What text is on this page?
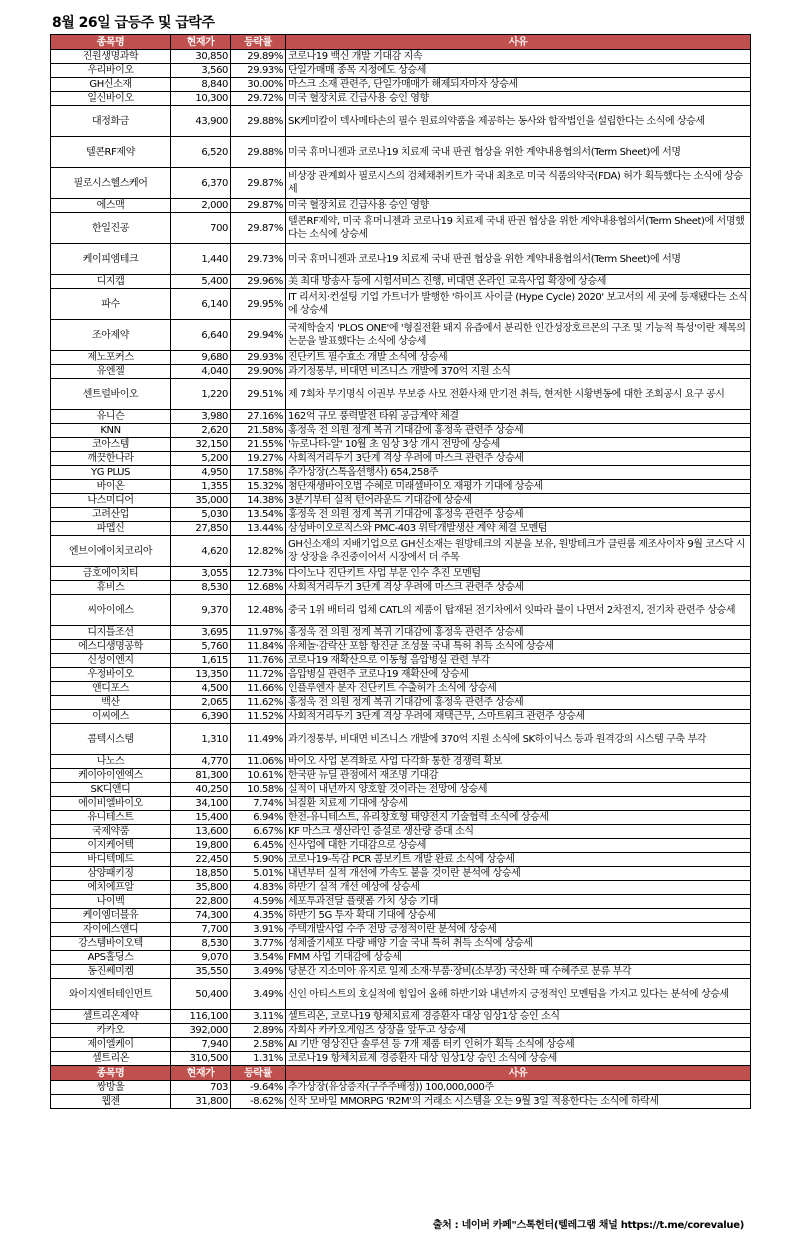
8월 26일 급등주 및 급락주
종목명	현재가	등락률	사유
진원생명과학	30,850	29.89%	코로나19 백신 개발 기대감 지속
우리바이오	3,560	29.93%	단일가매매 종목 지정에도 상승세
GH신소재	8,840	30.00%	마스크 소재 관련주, 단일가매매가 해제되자마자 상승세
일신바이오	10,300	29.72%	미국 혈장치료 긴급사용 승인 영향
대정화금	43,900	29.88%	SK케미칼이 덱사메타손의 필수 원료의약품을 제공하는 동사와 합작법인을 설립한다는 소식에 상승세
텔콘RF제약	6,520	29.88%	미국 휴머니젠과 코로나19 치료제 국내 판권 협상을 위한 계약내용협의서(Term Sheet)에 서명
필로시스헬스케어	6,370	29.87%	비상장 관계회사 필로시스의 검체채취키트가 국내 최초로 미국 식품의약국(FDA) 허가 획득했다는 소식에 상승세
에스맥	2,000	29.87%	미국 혈장치료 긴급사용 승인 영향
한일진공	700	29.87%	텔콘RF제약, 미국 휴머니젠과 코로나19 치료제 국내 판권 협상을 위한 계약내용협의서(Term Sheet)에 서명했다는 소식에 상승세
케이피엠테크	1,440	29.73%	미국 휴머니젠과 코로나19 치료제 국내 판권 협상을 위한 계약내용협의서(Term Sheet)에 서명
디지캡	5,400	29.96%	美 최대 방송사 등에 시험서비스 진행, 비대면 온라인 교육사업 확장에 상승세
파수	6,140	29.95%	IT 리서치·컨설팅 기업 가트너가 발행한 '하이프 사이클 (Hype Cycle) 2020' 보고서의 세 곳에 등재됐다는 소식에 상승세
조아제약	6,640	29.94%	국제학술지 'PLOS ONE'에 '형질전환 돼지 유즙에서 분리한 인간성장호르몬의 구조 및 기능적 특성'이란 제목의 논문을 발표했다는 소식에 상승세
제노포커스	9,680	29.93%	진단키트 필수효소 개발 소식에 상승세
유엔젤	4,040	29.90%	과기정통부, 비대면 비즈니스 개발에 370억 지원 소식
센트럴바이오	1,220	29.51%	제 7회차 무기명식 이권부 무보증 사모 전환사채 만기전 취득, 현저한 시황변동에 대한 조회공시 요구 공시
유니슨	3,980	27.16%	162억 규모 풍력발전 타워 공급계약 체결
KNN	2,620	21.58%	홍정욱 전 의원 정계 복귀 기대감에 홍정욱 관련주 상승세
코아스템	32,150	21.55%	'뉴로나타-알' 10월 초 임상 3상 개시 전망에 상승세
깨끗한나라	5,200	19.27%	사회적거리두기 3단계 격상 우려에 마스크 관련주 상승세
YG PLUS	4,950	17.58%	추가상장(스톡옵션행사) 654,258주
바이온	1,355	15.32%	첨단재생바이오법 수혜로 미래셀바이오 재평가 기대에 상승세
나스미디어	35,000	14.38%	3분기부터 실적 턴어라운드 기대감에 상승세
고려산업	5,030	13.54%	홍정욱 전 의원 정계 복귀 기대감에 홍정욱 관련주 상승세
파멥신	27,850	13.44%	삼성바이오로직스와 PMC-403 위탁개발생산 계약 체결 모멘텀
엔브이에이치코리아	4,620	12.82%	GH신소재의 지배기업으로 GH신소재는 원방테크의 지분을 보유, 원방테크가 클린룸 제조사이자 9월 코스닥 시장 상장을 추진중이어서 시장에서 더 주목
금호에이치티	3,055	12.73%	다이노나 진단키트 사업 부문 인수 추진 모멘텀
휴비스	8,530	12.68%	사회적거리두기 3단계 격상 우려에 마스크 관련주 상승세
씨아이에스	9,370	12.48%	중국 1위 배터리 업체 CATL의 제품이 탑재된 전기차에서 잇따라 불이 나면서 2차전지, 전기차 관련주 상승세
디지틀조선	3,695	11.97%	홍정욱 전 의원 정계 복귀 기대감에 홍정욱 관련주 상승세
에스디생명공학	5,760	11.84%	유체놀·감락산 포함 항진균 조성물 국내 특허 취득 소식에 상승세
신성이엔지	1,615	11.76%	코로나19 재확산으로 이동형 음압병실 관련 부각
우정바이오	13,350	11.72%	음압병실 관련주 코로나19 재확산에 상승세
앤디포스	4,500	11.66%	인플루엔자 분자 진단키트 수출허가 소식에 상승세
백산	2,065	11.62%	홍정욱 전 의원 정계 복귀 기대감에 홍정욱 관련주 상승세
이씨에스	6,390	11.52%	사회적거리두기 3단계 격상 우려에 재택근무, 스마트워크 관련주 상승세
콤텍시스템	1,310	11.49%	과기정통부, 비대면 비즈니스 개발에 370억 지원 소식에 SK하이닉스 등과 원격강의 시스템 구축 부각
나노스	4,770	11.06%	바이오 사업 본격화로 사업 다각화 통한 경쟁력 확보
케이아이엔엑스	81,300	10.61%	한국판 뉴딜 관점에서 재조명 기대감
SK디앤디	40,250	10.58%	실적이 내년까지 양호할 것이라는 전망에 상승세
에이비엘바이오	34,100	7.74%	뇌질환 치료제 기대에 상승세
유니테스트	15,400	6.94%	한전-유니테스트, 유리창호형 태양전지 기술협력 소식에 상승세
국제약품	13,600	6.67%	KF 마스크 생산라인 증설로 생산량 증대 소식
이지케어텍	19,800	6.45%	신사업에 대한 기대감으로 상승세
바디텍메드	22,450	5.90%	코로나19-독감 PCR 콤보키트 개발 완료 소식에 상승세
삼양패키징	18,850	5.01%	내년부터 실적 개선에 가속도 붙을 것이란 분석에 상승세
에치에프알	35,800	4.83%	하반기 실적 개선 예상에 상승세
나이벡	22,800	4.59%	세포투과전달 플랫폼 가치 상승 기대
케이엠더블유	74,300	4.35%	하반기 5G 투자 확대 기대에 상승세
자이에스앤디	7,700	3.91%	주택개발사업 수주 전망 긍정적이란 분석에 상승세
강스템바이오텍	8,530	3.77%	성체줄기세포 다량 배양 기술 국내 특허 취득 소식에 상승세
APS홀딩스	9,070	3.54%	FMM 사업 기대감에 상승세
동진쎄미켐	35,550	3.49%	당분간 지소미아 유지로 일제 소재·부품·장비(소부장) 국산화 때 수혜주로 분류 부각
와이지엔터테인먼트	50,400	3.49%	신인 아티스트의 호실적에 힘입어 올해 하반기와 내년까지 긍정적인 모멘텀을 가지고 있다는 분석에 상승세
셀트리온제약	116,100	3.11%	셀트리온, 코로나19 항체치료제 경증환자 대상 임상1상 승인 소식
카카오	392,000	2.89%	자회사 카카오게임즈 상장을 앞두고 상승세
제이엘케이	7,940	2.58%	AI 기반 영상진단 솔루션 등 7개 제품 터키 인허가 획득 소식에 상승세
셀트리온	310,500	1.31%	코로나19 항체치료제 경증환자 대상 임상1상 승인 소식에 상승세
종목명	현재가	등락률	사유
쌍방울	703	-9.64%	추가상장(유상증자(구주주배정)) 100,000,000주
웹젠	31,800	-8.62%	신작 모바일 MMORPG 'R2M'의 거래소 시스템을 오는 9월 3일 적용한다는 소식에 하락세
출처 : 네이버 카페"스톡헌터(텔레그램 채널 https://t.me/corevalue)
